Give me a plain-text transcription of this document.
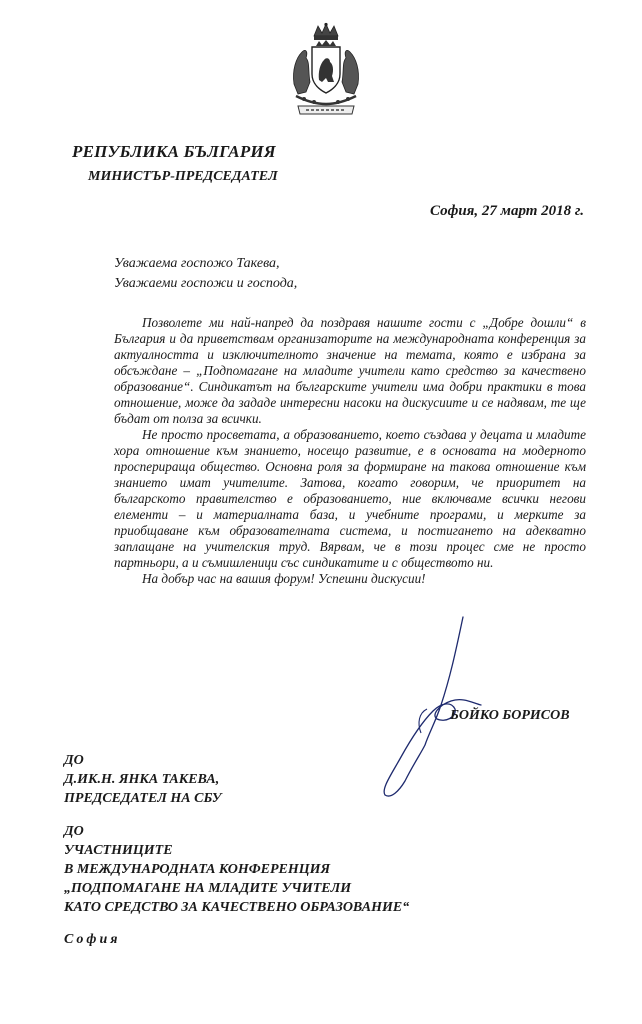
РЕПУБЛИКА БЪЛГАРИЯ
МИНИСТЪР-ПРЕДСЕДАТЕЛ
София, 27 март 2018 г.
Уважаема госпожо Такева,
Уважаеми госпожи и господа,

Позволете ми най-напред да поздравя нашите гости с „Добре дошли“ в България и да приветствам организаторите на международната конференция за актуалността и изключителното значение на темата, която е избрана за обсъждане – „Подпомагане на младите учители като средство за качествено образование“. Синдикатът на българските учители има добри практики в това отношение, може да зададе интересни насоки на дискусиите и се надявам, те ще бъдат от полза за всички.

Не просто просветата, а образованието, което създава у децата и младите хора отношение към знанието, носещо развитие, е в основата на модерното просперираща общество. Основна роля за формиране на такова отношение към знанието имат учителите. Затова, когато говорим, че приоритет на българското правителство е образованието, ние включваме всички негови елементи – и материалната база, и учебните програми, и мерките за приобщаване към образователната система, и постигането на адекватно заплащане на учителския труд. Вярвам, че в този процес сме не просто партньори, а и съмишленици със синдикатите и с обществото ни.

На добър час на вашия форум! Успешни дискусии!

БОЙКО БОРИСОВ
ДО
Д.ИК.Н. ЯНКА ТАКЕВА,
ПРЕДСЕДАТЕЛ НА СБУ
ДО
УЧАСТНИЦИТЕ
В МЕЖДУНАРОДНАТА КОНФЕРЕНЦИЯ
„ПОДПОМАГАНЕ НА МЛАДИТЕ УЧИТЕЛИ
КАТО СРЕДСТВО ЗА КАЧЕСТВЕНО ОБРАЗОВАНИЕ“
София
